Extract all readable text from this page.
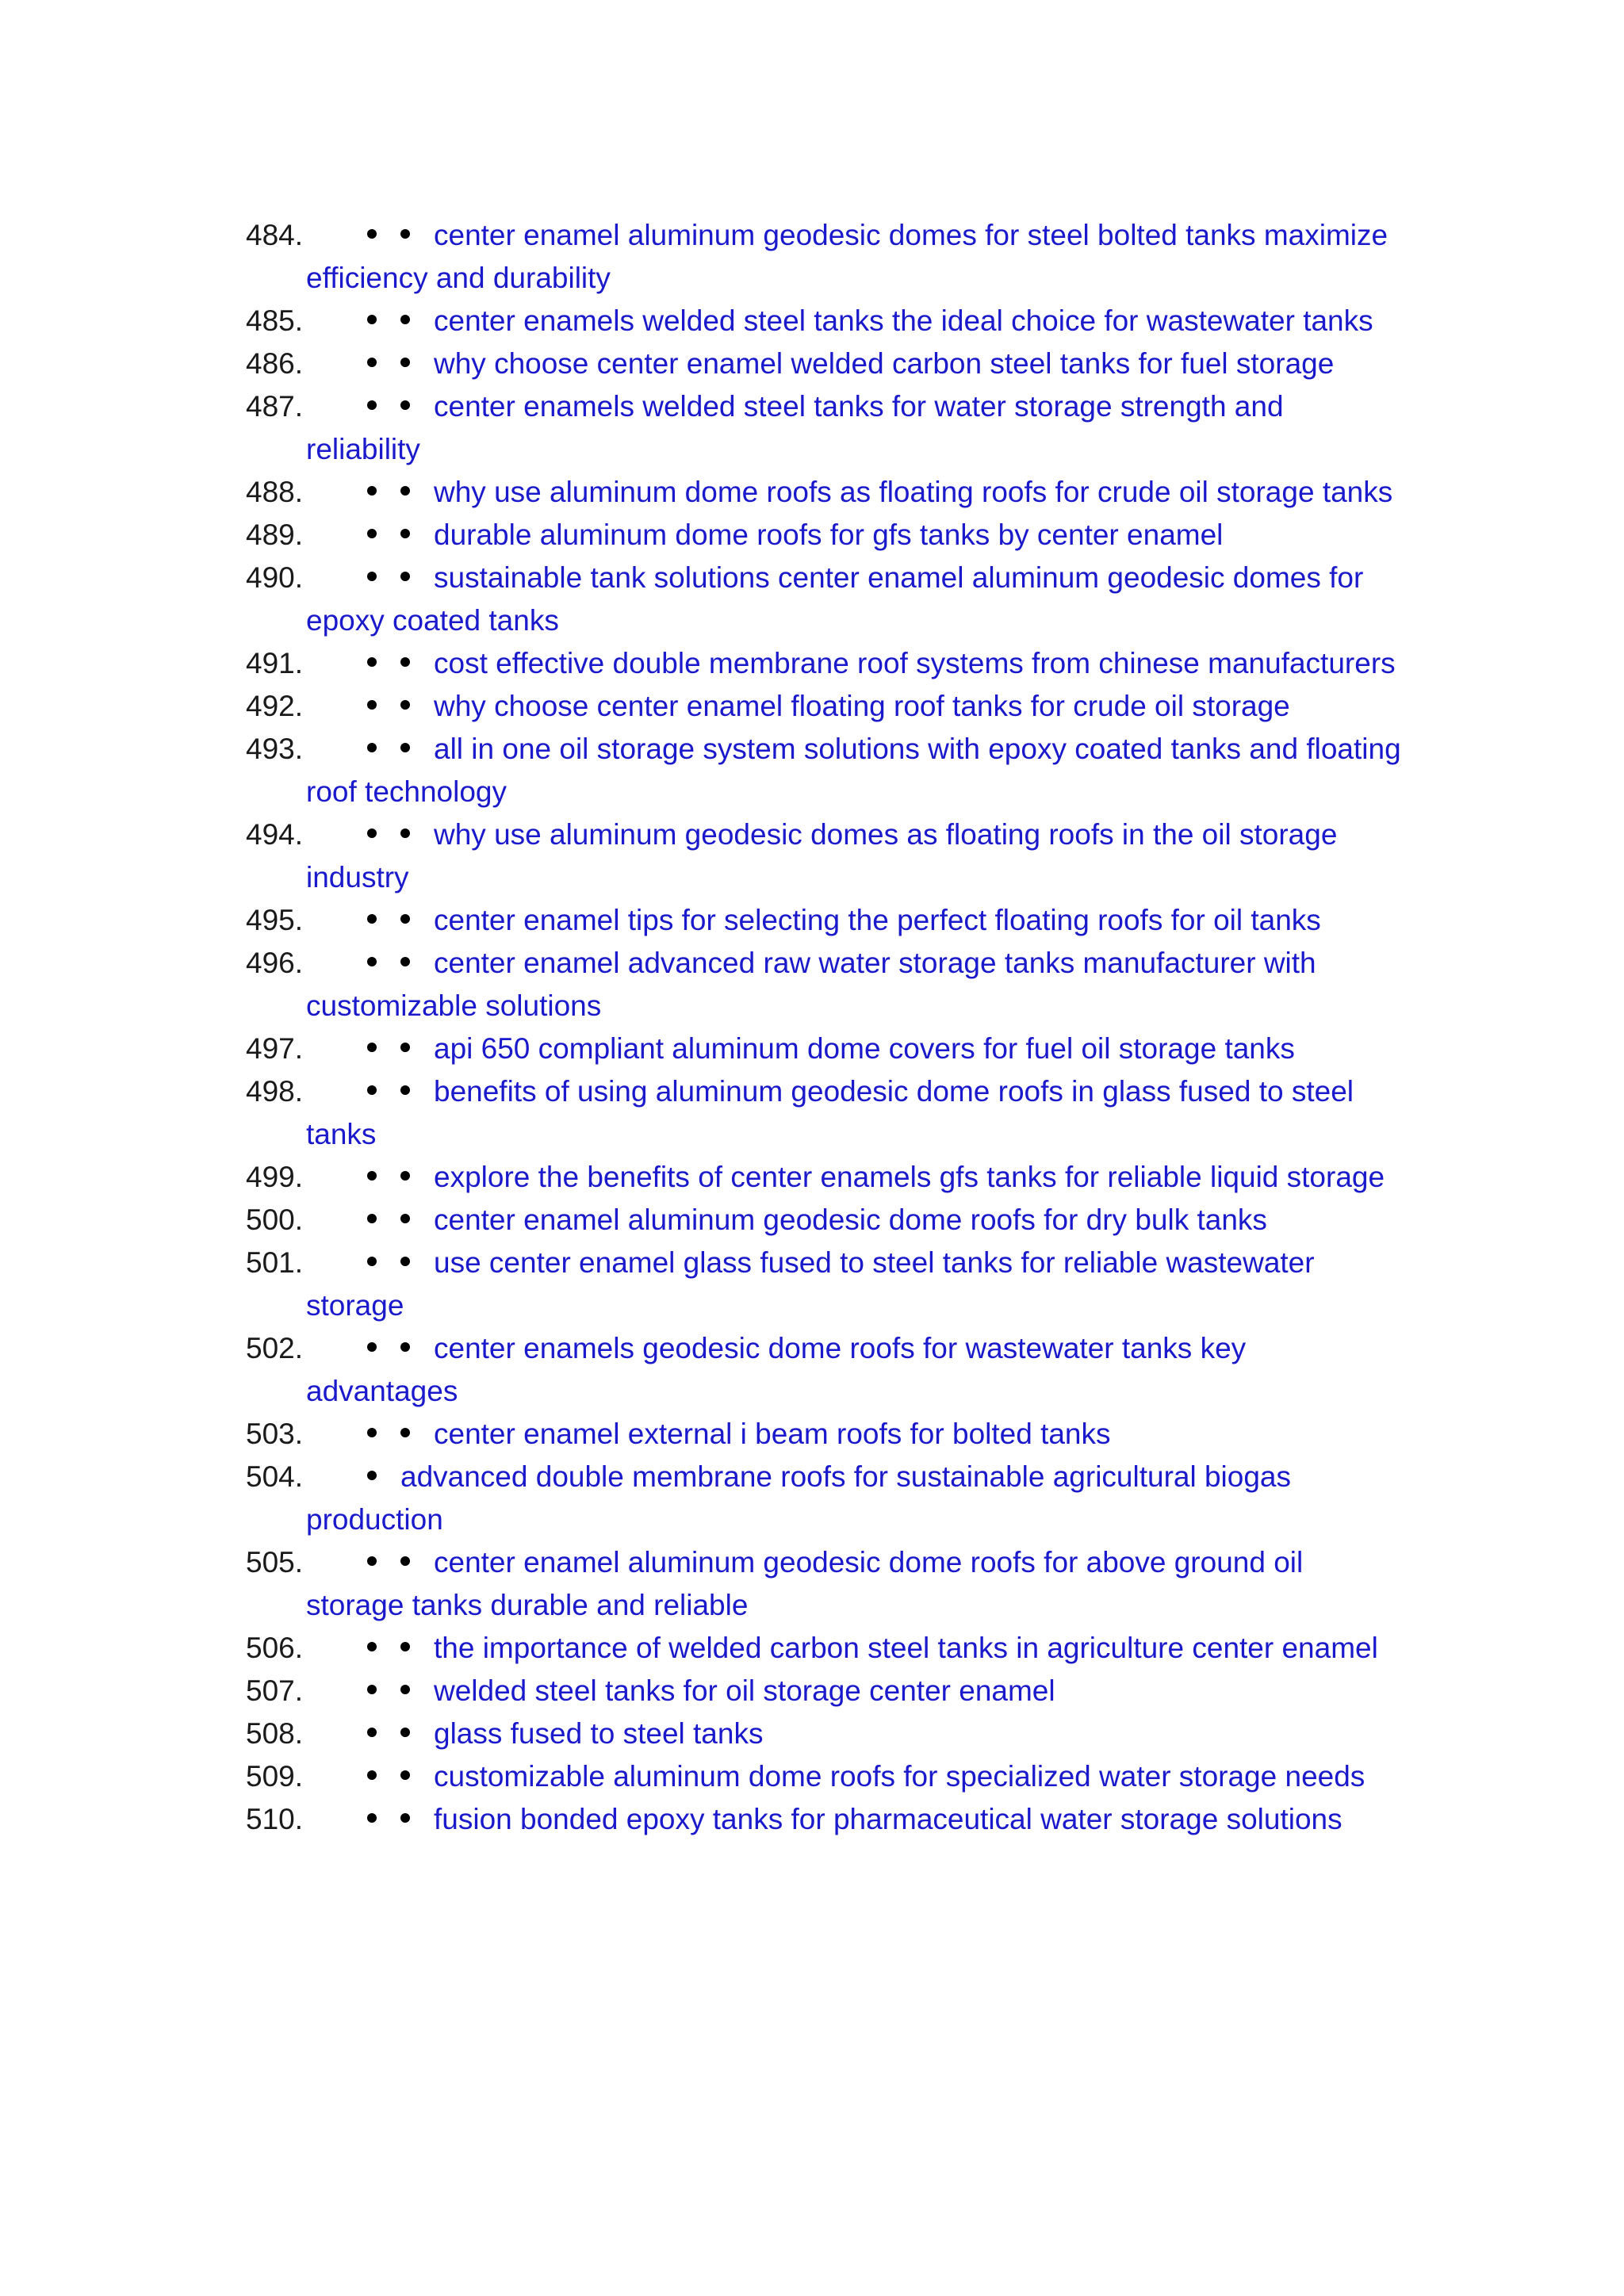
484.	center enamel aluminum geodesic domes for steel bolted tanks maximize efficiency and durability
485.	center enamels welded steel tanks the ideal choice for wastewater tanks
486.	why choose center enamel welded carbon steel tanks for fuel storage
487.	center enamels welded steel tanks for water storage strength and reliability
488.	why use aluminum dome roofs as floating roofs for crude oil storage tanks
489.	durable aluminum dome roofs for gfs tanks by center enamel
490.	sustainable tank solutions center enamel aluminum geodesic domes for epoxy coated tanks
491.	cost effective double membrane roof systems from chinese manufacturers
492.	why choose center enamel floating roof tanks for crude oil storage
493.	all in one oil storage system solutions with epoxy coated tanks and floating roof technology
494.	why use aluminum geodesic domes as floating roofs in the oil storage industry
495.	center enamel tips for selecting the perfect floating roofs for oil tanks
496.	center enamel advanced raw water storage tanks manufacturer with customizable solutions
497.	api 650 compliant aluminum dome covers for fuel oil storage tanks
498.	benefits of using aluminum geodesic dome roofs in glass fused to steel tanks
499.	explore the benefits of center enamels gfs tanks for reliable liquid storage
500.	center enamel aluminum geodesic dome roofs for dry bulk tanks
501.	use center enamel glass fused to steel tanks for reliable wastewater storage
502.	center enamels geodesic dome roofs for wastewater tanks key advantages
503.	center enamel external i beam roofs for bolted tanks
504.	advanced double membrane roofs for sustainable agricultural biogas production
505.	center enamel aluminum geodesic dome roofs for above ground oil storage tanks durable and reliable
506.	the importance of welded carbon steel tanks in agriculture center enamel
507.	welded steel tanks for oil storage center enamel
508.	glass fused to steel tanks
509.	customizable aluminum dome roofs for specialized water storage needs
510.	fusion bonded epoxy tanks for pharmaceutical water storage solutions
